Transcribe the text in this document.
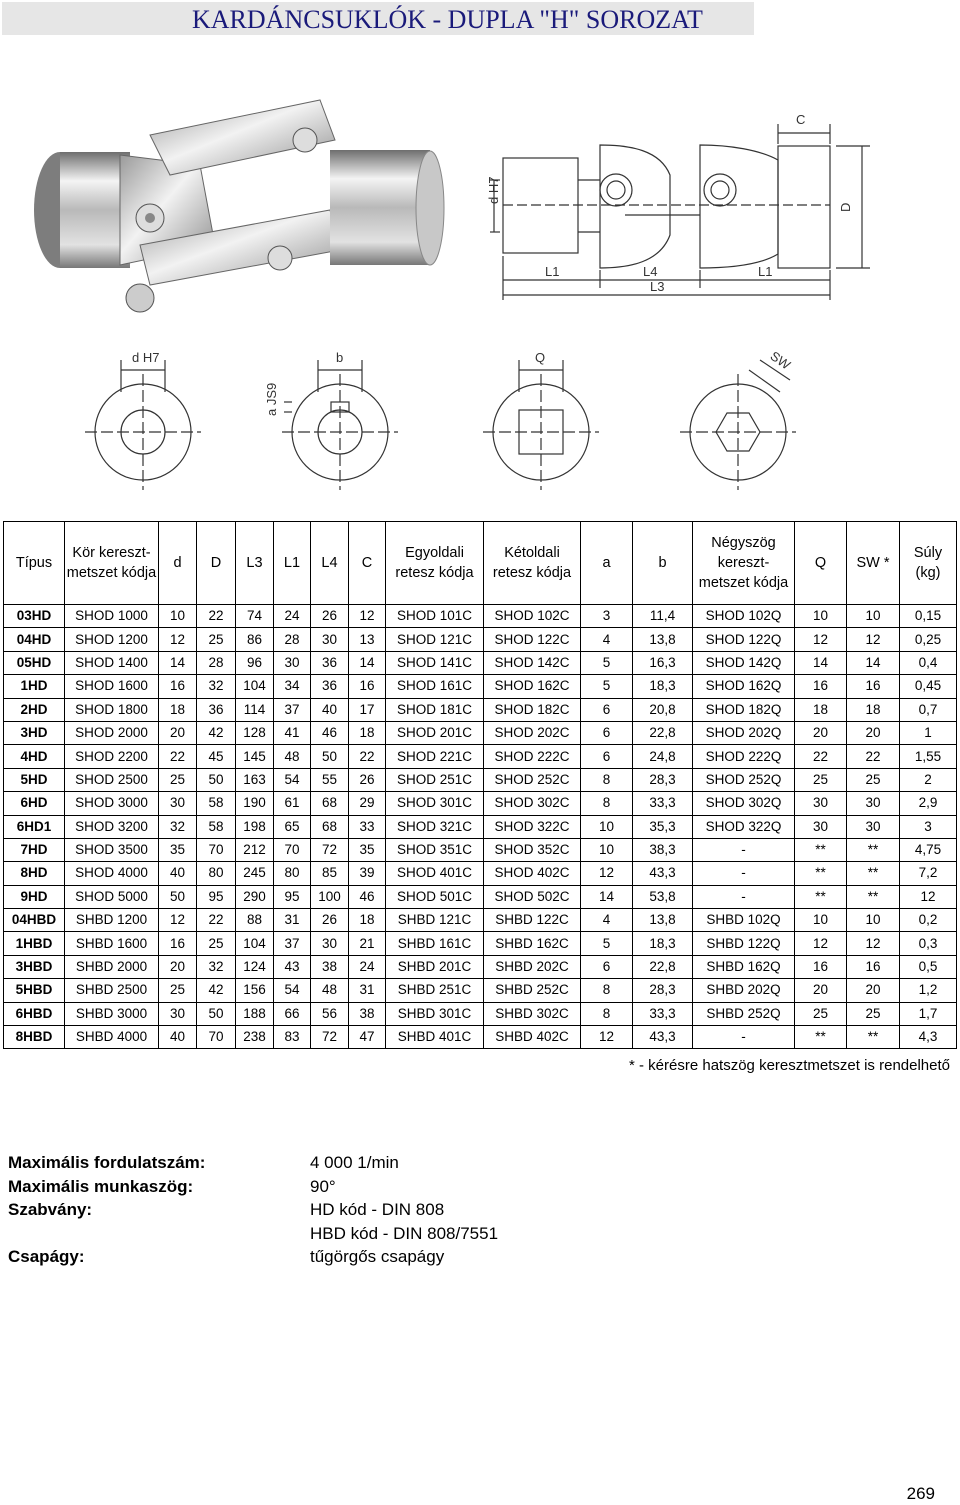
KARDÁNCSUKLÓK - DUPLA "H" SOROZAT
C
D
d H7
L1	L4	L1
L3
d H7	b	Q	SW
a JS9
Típus	Kör kereszt- metszet kódja	d	D	L3	L1	L4	C	Egyoldali retesz kódja	Kétoldali retesz kódja	a	b	Négyszög kereszt- metszet kódja	Q	SW *	Súly (kg)
03HD	SHOD 1000	10	22	74	24	26	12	SHOD 101C	SHOD 102C	3	11,4	SHOD 102Q	10	10	0,15
04HD	SHOD 1200	12	25	86	28	30	13	SHOD 121C	SHOD 122C	4	13,8	SHOD 122Q	12	12	0,25
05HD	SHOD 1400	14	28	96	30	36	14	SHOD 141C	SHOD 142C	5	16,3	SHOD 142Q	14	14	0,4
1HD	SHOD 1600	16	32	104	34	36	16	SHOD 161C	SHOD 162C	5	18,3	SHOD 162Q	16	16	0,45
2HD	SHOD 1800	18	36	114	37	40	17	SHOD 181C	SHOD 182C	6	20,8	SHOD 182Q	18	18	0,7
3HD	SHOD 2000	20	42	128	41	46	18	SHOD 201C	SHOD 202C	6	22,8	SHOD 202Q	20	20	1
4HD	SHOD 2200	22	45	145	48	50	22	SHOD 221C	SHOD 222C	6	24,8	SHOD 222Q	22	22	1,55
5HD	SHOD 2500	25	50	163	54	55	26	SHOD 251C	SHOD 252C	8	28,3	SHOD 252Q	25	25	2
6HD	SHOD 3000	30	58	190	61	68	29	SHOD 301C	SHOD 302C	8	33,3	SHOD 302Q	30	30	2,9
6HD1	SHOD 3200	32	58	198	65	68	33	SHOD 321C	SHOD 322C	10	35,3	SHOD 322Q	30	30	3
7HD	SHOD 3500	35	70	212	70	72	35	SHOD 351C	SHOD 352C	10	38,3	-	**	**	4,75
8HD	SHOD 4000	40	80	245	80	85	39	SHOD 401C	SHOD 402C	12	43,3	-	**	**	7,2
9HD	SHOD 5000	50	95	290	95	100	46	SHOD 501C	SHOD 502C	14	53,8	-	**	**	12
04HBD	SHBD 1200	12	22	88	31	26	18	SHBD 121C	SHBD 122C	4	13,8	SHBD 102Q	10	10	0,2
1HBD	SHBD 1600	16	25	104	37	30	21	SHBD 161C	SHBD 162C	5	18,3	SHBD 122Q	12	12	0,3
3HBD	SHBD 2000	20	32	124	43	38	24	SHBD 201C	SHBD 202C	6	22,8	SHBD 162Q	16	16	0,5
5HBD	SHBD 2500	25	42	156	54	48	31	SHBD 251C	SHBD 252C	8	28,3	SHBD 202Q	20	20	1,2
6HBD	SHBD 3000	30	50	188	66	56	38	SHBD 301C	SHBD 302C	8	33,3	SHBD 252Q	25	25	1,7
8HBD	SHBD 4000	40	70	238	83	72	47	SHBD 401C	SHBD 402C	12	43,3	-	**	**	4,3
* - kérésre hatszög keresztmetszet is rendelhető
Maximális fordulatszám:	4 000 1/min
Maximális munkaszög:	90°
Szabvány:	HD kód - DIN 808
HBD kód - DIN 808/7551
Csapágy:	tűgörgős csapágy
269
